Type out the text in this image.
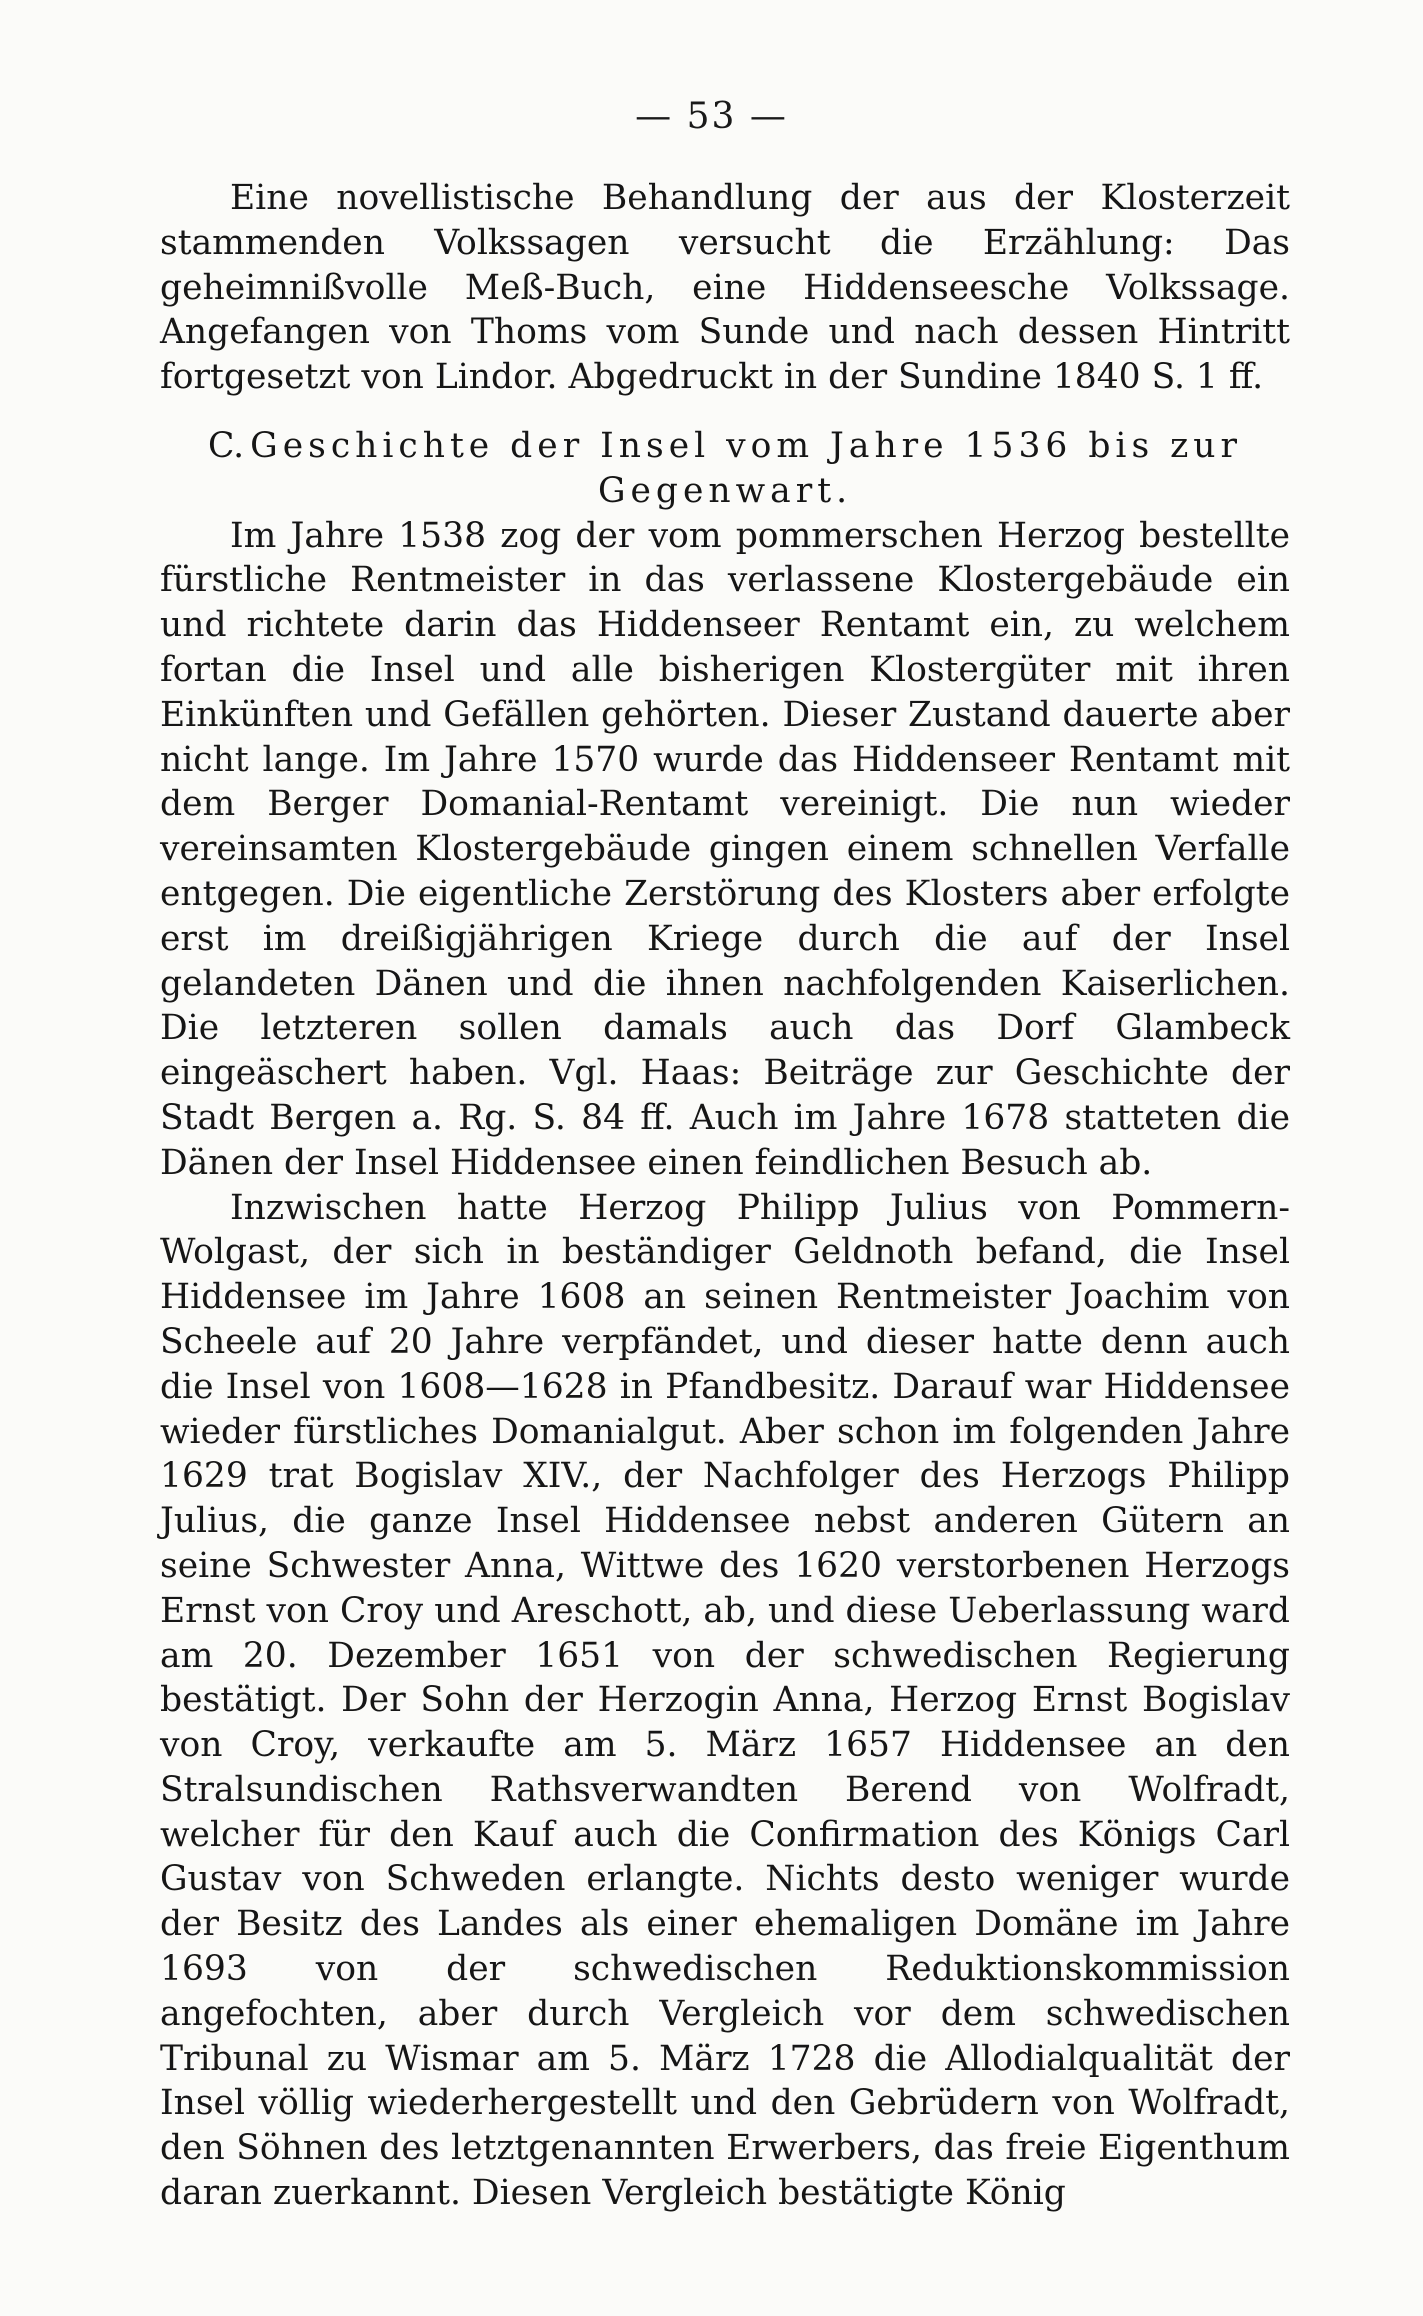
— 53 —

Eine novellistische Behandlung der aus der Klosterzeit stammenden Volkssagen versucht die Erzählung: Das geheimnißvolle Meß-Buch, eine Hiddenseesche Volkssage. Angefangen von Thoms vom Sunde und nach dessen Hintritt fortgesetzt von Lindor. Abgedruckt in der Sundine 1840 S. 1 ff.

C. Geschichte der Insel vom Jahre 1536 bis zur Gegenwart.

Im Jahre 1538 zog der vom pommerschen Herzog bestellte fürstliche Rentmeister in das verlassene Klostergebäude ein und richtete darin das Hiddenseer Rentamt ein, zu welchem fortan die Insel und alle bisherigen Klostergüter mit ihren Einkünften und Gefällen gehörten. Dieser Zustand dauerte aber nicht lange. Im Jahre 1570 wurde das Hiddenseer Rentamt mit dem Berger Domanial-Rentamt vereinigt. Die nun wieder vereinsamten Klostergebäude gingen einem schnellen Verfalle entgegen. Die eigentliche Zerstörung des Klosters aber erfolgte erst im dreißigjährigen Kriege durch die auf der Insel gelandeten Dänen und die ihnen nachfolgenden Kaiserlichen. Die letzteren sollen damals auch das Dorf Glambeck eingeäschert haben. Vgl. Haas: Beiträge zur Geschichte der Stadt Bergen a. Rg. S. 84 ff. Auch im Jahre 1678 statteten die Dänen der Insel Hiddensee einen feindlichen Besuch ab.

Inzwischen hatte Herzog Philipp Julius von Pommern-Wolgast, der sich in beständiger Geldnoth befand, die Insel Hiddensee im Jahre 1608 an seinen Rentmeister Joachim von Scheele auf 20 Jahre verpfändet, und dieser hatte denn auch die Insel von 1608—1628 in Pfandbesitz. Darauf war Hiddensee wieder fürstliches Domanialgut. Aber schon im folgenden Jahre 1629 trat Bogislav XIV., der Nachfolger des Herzogs Philipp Julius, die ganze Insel Hiddensee nebst anderen Gütern an seine Schwester Anna, Wittwe des 1620 verstorbenen Herzogs Ernst von Croy und Areschott, ab, und diese Ueberlassung ward am 20. Dezember 1651 von der schwedischen Regierung bestätigt. Der Sohn der Herzogin Anna, Herzog Ernst Bogislav von Croy, verkaufte am 5. März 1657 Hiddensee an den Stralsundischen Rathsverwandten Berend von Wolfradt, welcher für den Kauf auch die Confirmation des Königs Carl Gustav von Schweden erlangte. Nichts desto weniger wurde der Besitz des Landes als einer ehemaligen Domäne im Jahre 1693 von der schwedischen Reduktionskommission angefochten, aber durch Vergleich vor dem schwedischen Tribunal zu Wismar am 5. März 1728 die Allodialqualität der Insel völlig wiederhergestellt und den Gebrüdern von Wolfradt, den Söhnen des letztgenannten Erwerbers, das freie Eigenthum daran zuerkannt. Diesen Vergleich bestätigte König
